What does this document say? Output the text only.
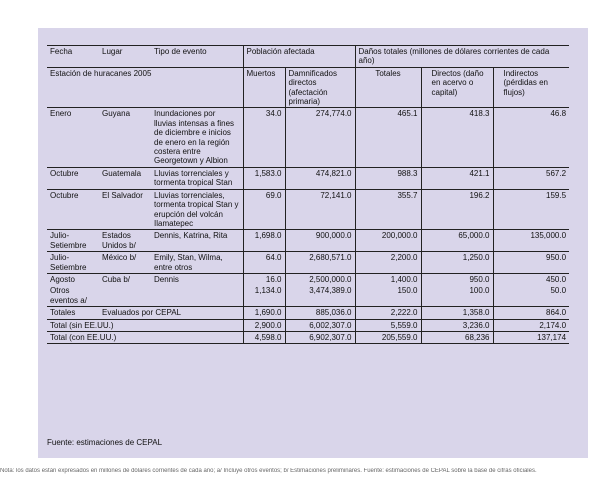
Fecha	Lugar	Tipo de evento	Población afectada		Daños totales (millones de dólares corrientes de cada año)		
Estación de huracanes 2005			Muertos	Damnificados directos (afectación primaria)	Totales	Directos (daño en acervo o capital)	Indirectos (pérdidas en flujos)
Enero	Guyana	Inundaciones por lluvias intensas a fines de diciembre e inicios de enero en la región costera entre Georgetown y Albion	34.0	274,774.0	465.1	418.3	46.8
Octubre	Guatemala	Lluvias torrenciales y tormenta tropical Stan	1,583.0	474,821.0	988.3	421.1	567.2
Octubre	El Salvador	Lluvias torrenciales, tormenta tropical Stan y erupción del volcán Ilamatepec	69.0	72,141.0	355.7	196.2	159.5
Julio-Setiembre	Estados Unidos b/	Dennis, Katrina, Rita	1,698.0	900,000.0	200,000.0	65,000.0	135,000.0
Julio-Setiembre	México b/	Emily, Stan, Wilma, entre otros	64.0	2,680,571.0	2,200.0	1,250.0	950.0
Agosto	Cuba b/	Dennis	16.0	2,500,000.0	1,400.0	950.0	450.0
Otros eventos a/			1,134.0	3,474,389.0	150.0	100.0	50.0
Totales	Evaluados por CEPAL		1,690.0	885,036.0	2,222.0	1,358.0	864.0
Total (sin EE.UU.)			2,900.0	6,002,307.0	5,559.0	3,236.0	2,174.0
Total (con EE.UU.)			4,598.0	6,902,307.0	205,559.0	68,236	137,174
Fuente: estimaciones de CEPAL
Nota: los datos están expresados en millones de dólares corrientes de cada año; a/ Incluye otros eventos; b/ Estimaciones preliminares. Fuente: estimaciones de CEPAL sobre la base de cifras oficiales.
